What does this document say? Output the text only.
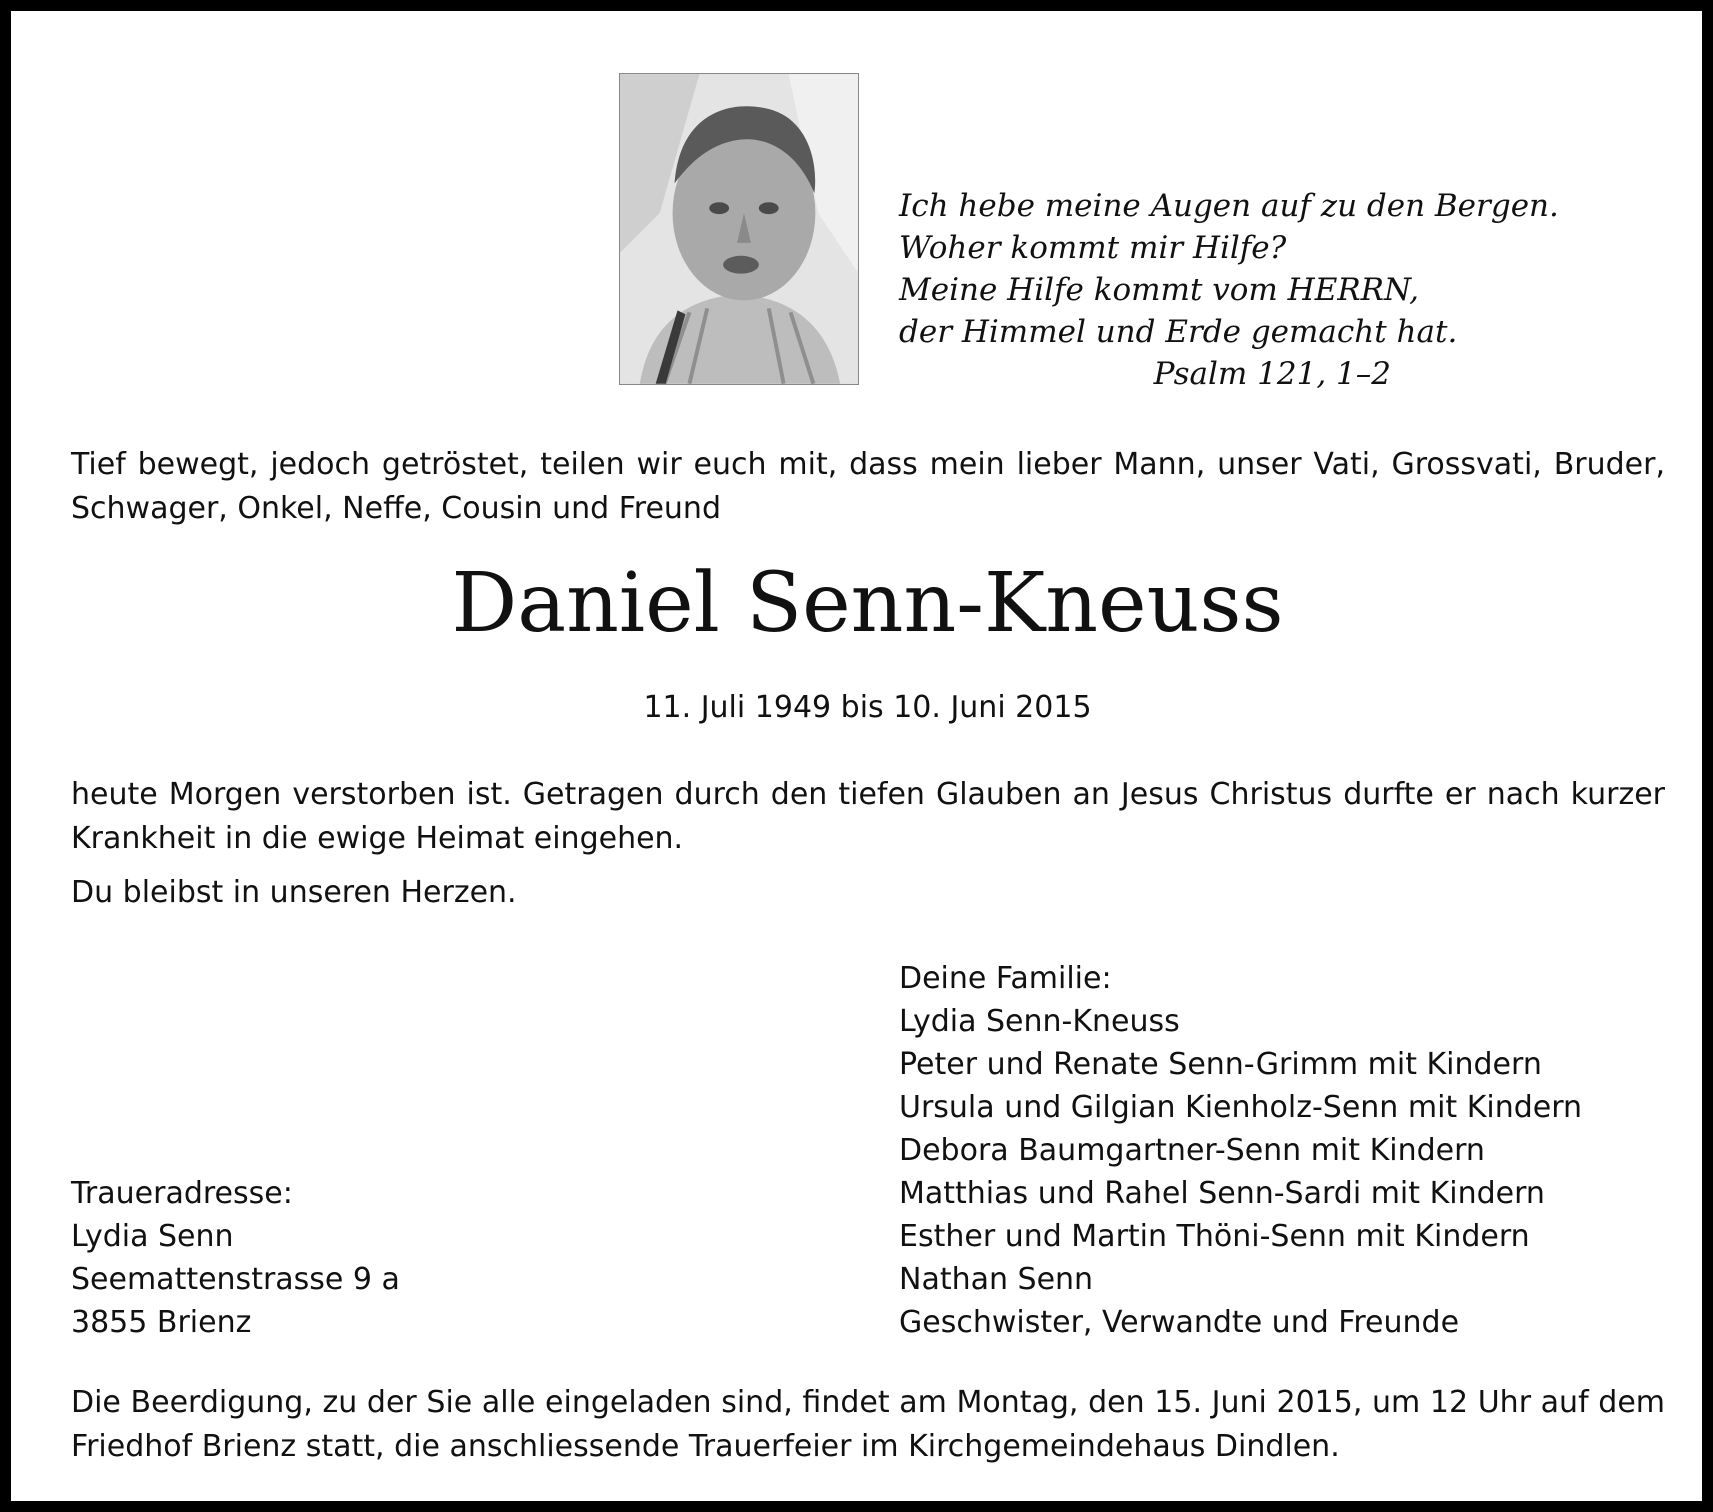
Ich hebe meine Augen auf zu den Bergen.
Woher kommt mir Hilfe?
Meine Hilfe kommt vom HERRN,
der Himmel und Erde gemacht hat.
Psalm 121, 1–2

Tief bewegt, jedoch getröstet, teilen wir euch mit, dass mein lieber Mann, unser Vati, Grossvati, Bruder, Schwager, Onkel, Neffe, Cousin und Freund

Daniel Senn-Kneuss
11. Juli 1949 bis 10. Juni 2015

heute Morgen verstorben ist. Getragen durch den tiefen Glauben an Jesus Christus durfte er nach kurzer Krankheit in die ewige Heimat eingehen.

Du bleibst in unseren Herzen.

Deine Familie:
Lydia Senn-Kneuss
Peter und Renate Senn-Grimm mit Kindern
Ursula und Gilgian Kienholz-Senn mit Kindern
Debora Baumgartner-Senn mit Kindern
Matthias und Rahel Senn-Sardi mit Kindern
Esther und Martin Thöni-Senn mit Kindern
Nathan Senn
Geschwister, Verwandte und Freunde
Traueradresse:
Lydia Senn
Seemattenstrasse 9 a
3855 Brienz

Die Beerdigung, zu der Sie alle eingeladen sind, findet am Montag, den 15. Juni 2015, um 12 Uhr auf dem Friedhof Brienz statt, die anschliessende Trauerfeier im Kirchgemeindehaus Dindlen.
